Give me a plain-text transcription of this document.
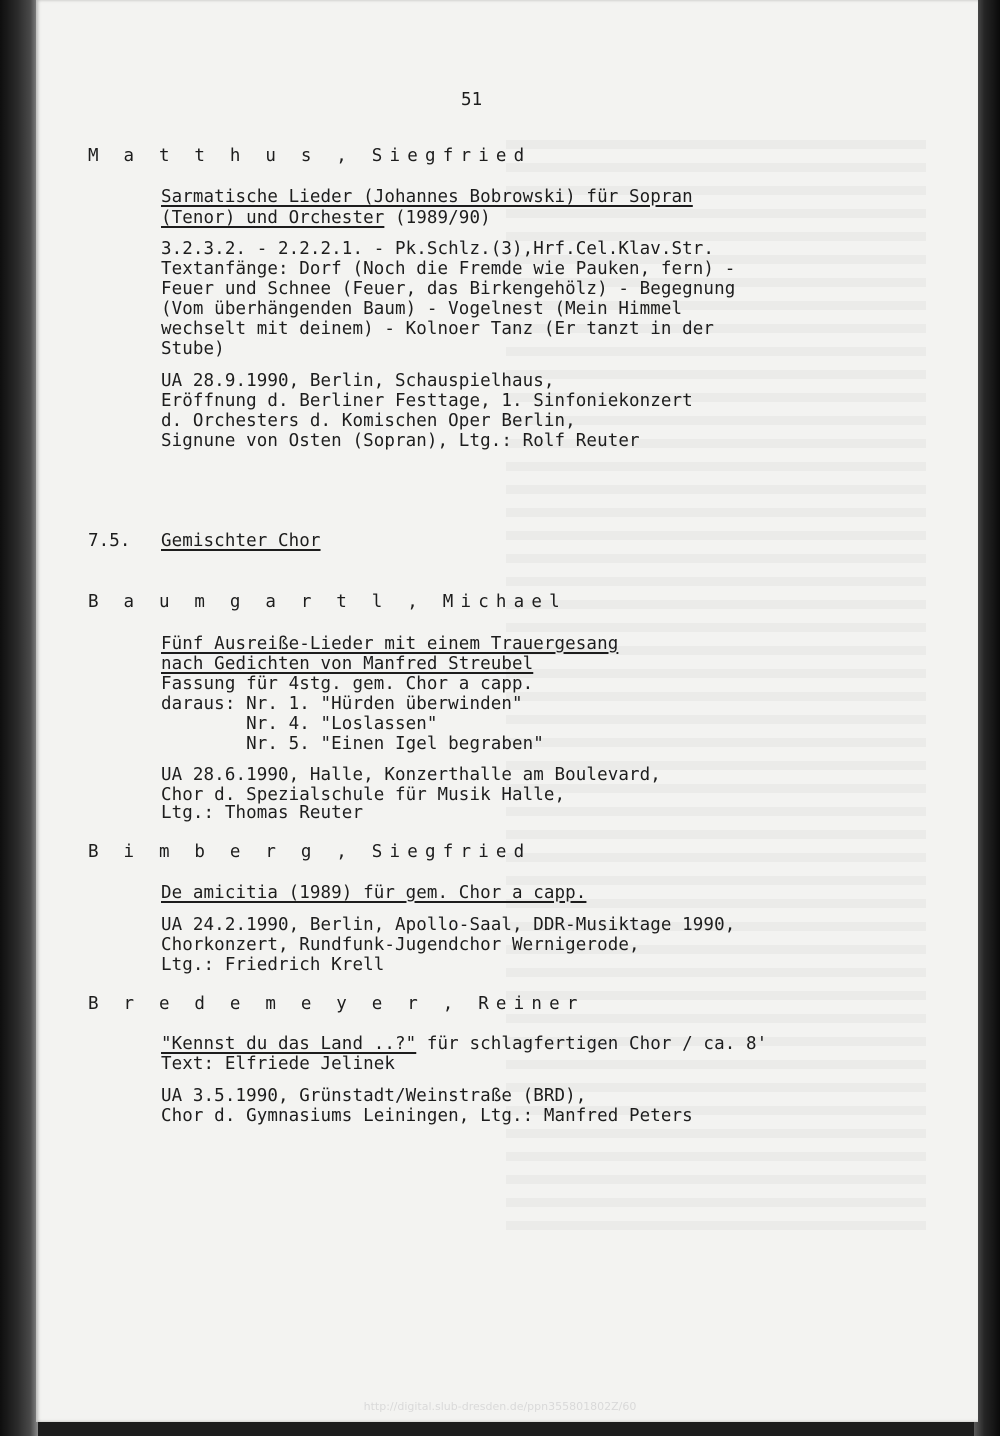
51
M a t t h u s , Siegfried
Sarmatische Lieder (Johannes Bobrowski) für Sopran
(Tenor) und Orchester (1989/90)
3.2.3.2. - 2.2.2.1. - Pk.Schlz.(3),Hrf.Cel.Klav.Str.
Textanfänge: Dorf (Noch die Fremde wie Pauken, fern) -
Feuer und Schnee (Feuer, das Birkengehölz) - Begegnung
(Vom überhängenden Baum) - Vogelnest (Mein Himmel
wechselt mit deinem) - Kolnoer Tanz (Er tanzt in der
Stube)
UA 28.9.1990, Berlin, Schauspielhaus,
Eröffnung d. Berliner Festtage, 1. Sinfoniekonzert
d. Orchesters d. Komischen Oper Berlin,
Signune von Osten (Sopran), Ltg.: Rolf Reuter
7.5. Gemischter Chor
B a u m g a r t l , Michael
Fünf Ausreiße-Lieder mit einem Trauergesang
nach Gedichten von Manfred Streubel
Fassung für 4stg. gem. Chor a capp.
daraus: Nr. 1. "Hürden überwinden"
Nr. 4. "Loslassen"
Nr. 5. "Einen Igel begraben"
UA 28.6.1990, Halle, Konzerthalle am Boulevard,
Chor d. Spezialschule für Musik Halle,
Ltg.: Thomas Reuter
B i m b e r g , Siegfried
De amicitia (1989) für gem. Chor a capp.
UA 24.2.1990, Berlin, Apollo-Saal, DDR-Musiktage 1990,
Chorkonzert, Rundfunk-Jugendchor Wernigerode,
Ltg.: Friedrich Krell
B r e d e m e y e r , Reiner
"Kennst du das Land ..?" für schlagfertigen Chor / ca. 8'
Text: Elfriede Jelinek
UA 3.5.1990, Grünstadt/Weinstraße (BRD),
Chor d. Gymnasiums Leiningen, Ltg.: Manfred Peters
http://digital.slub-dresden.de/ppn355801802Z/60
